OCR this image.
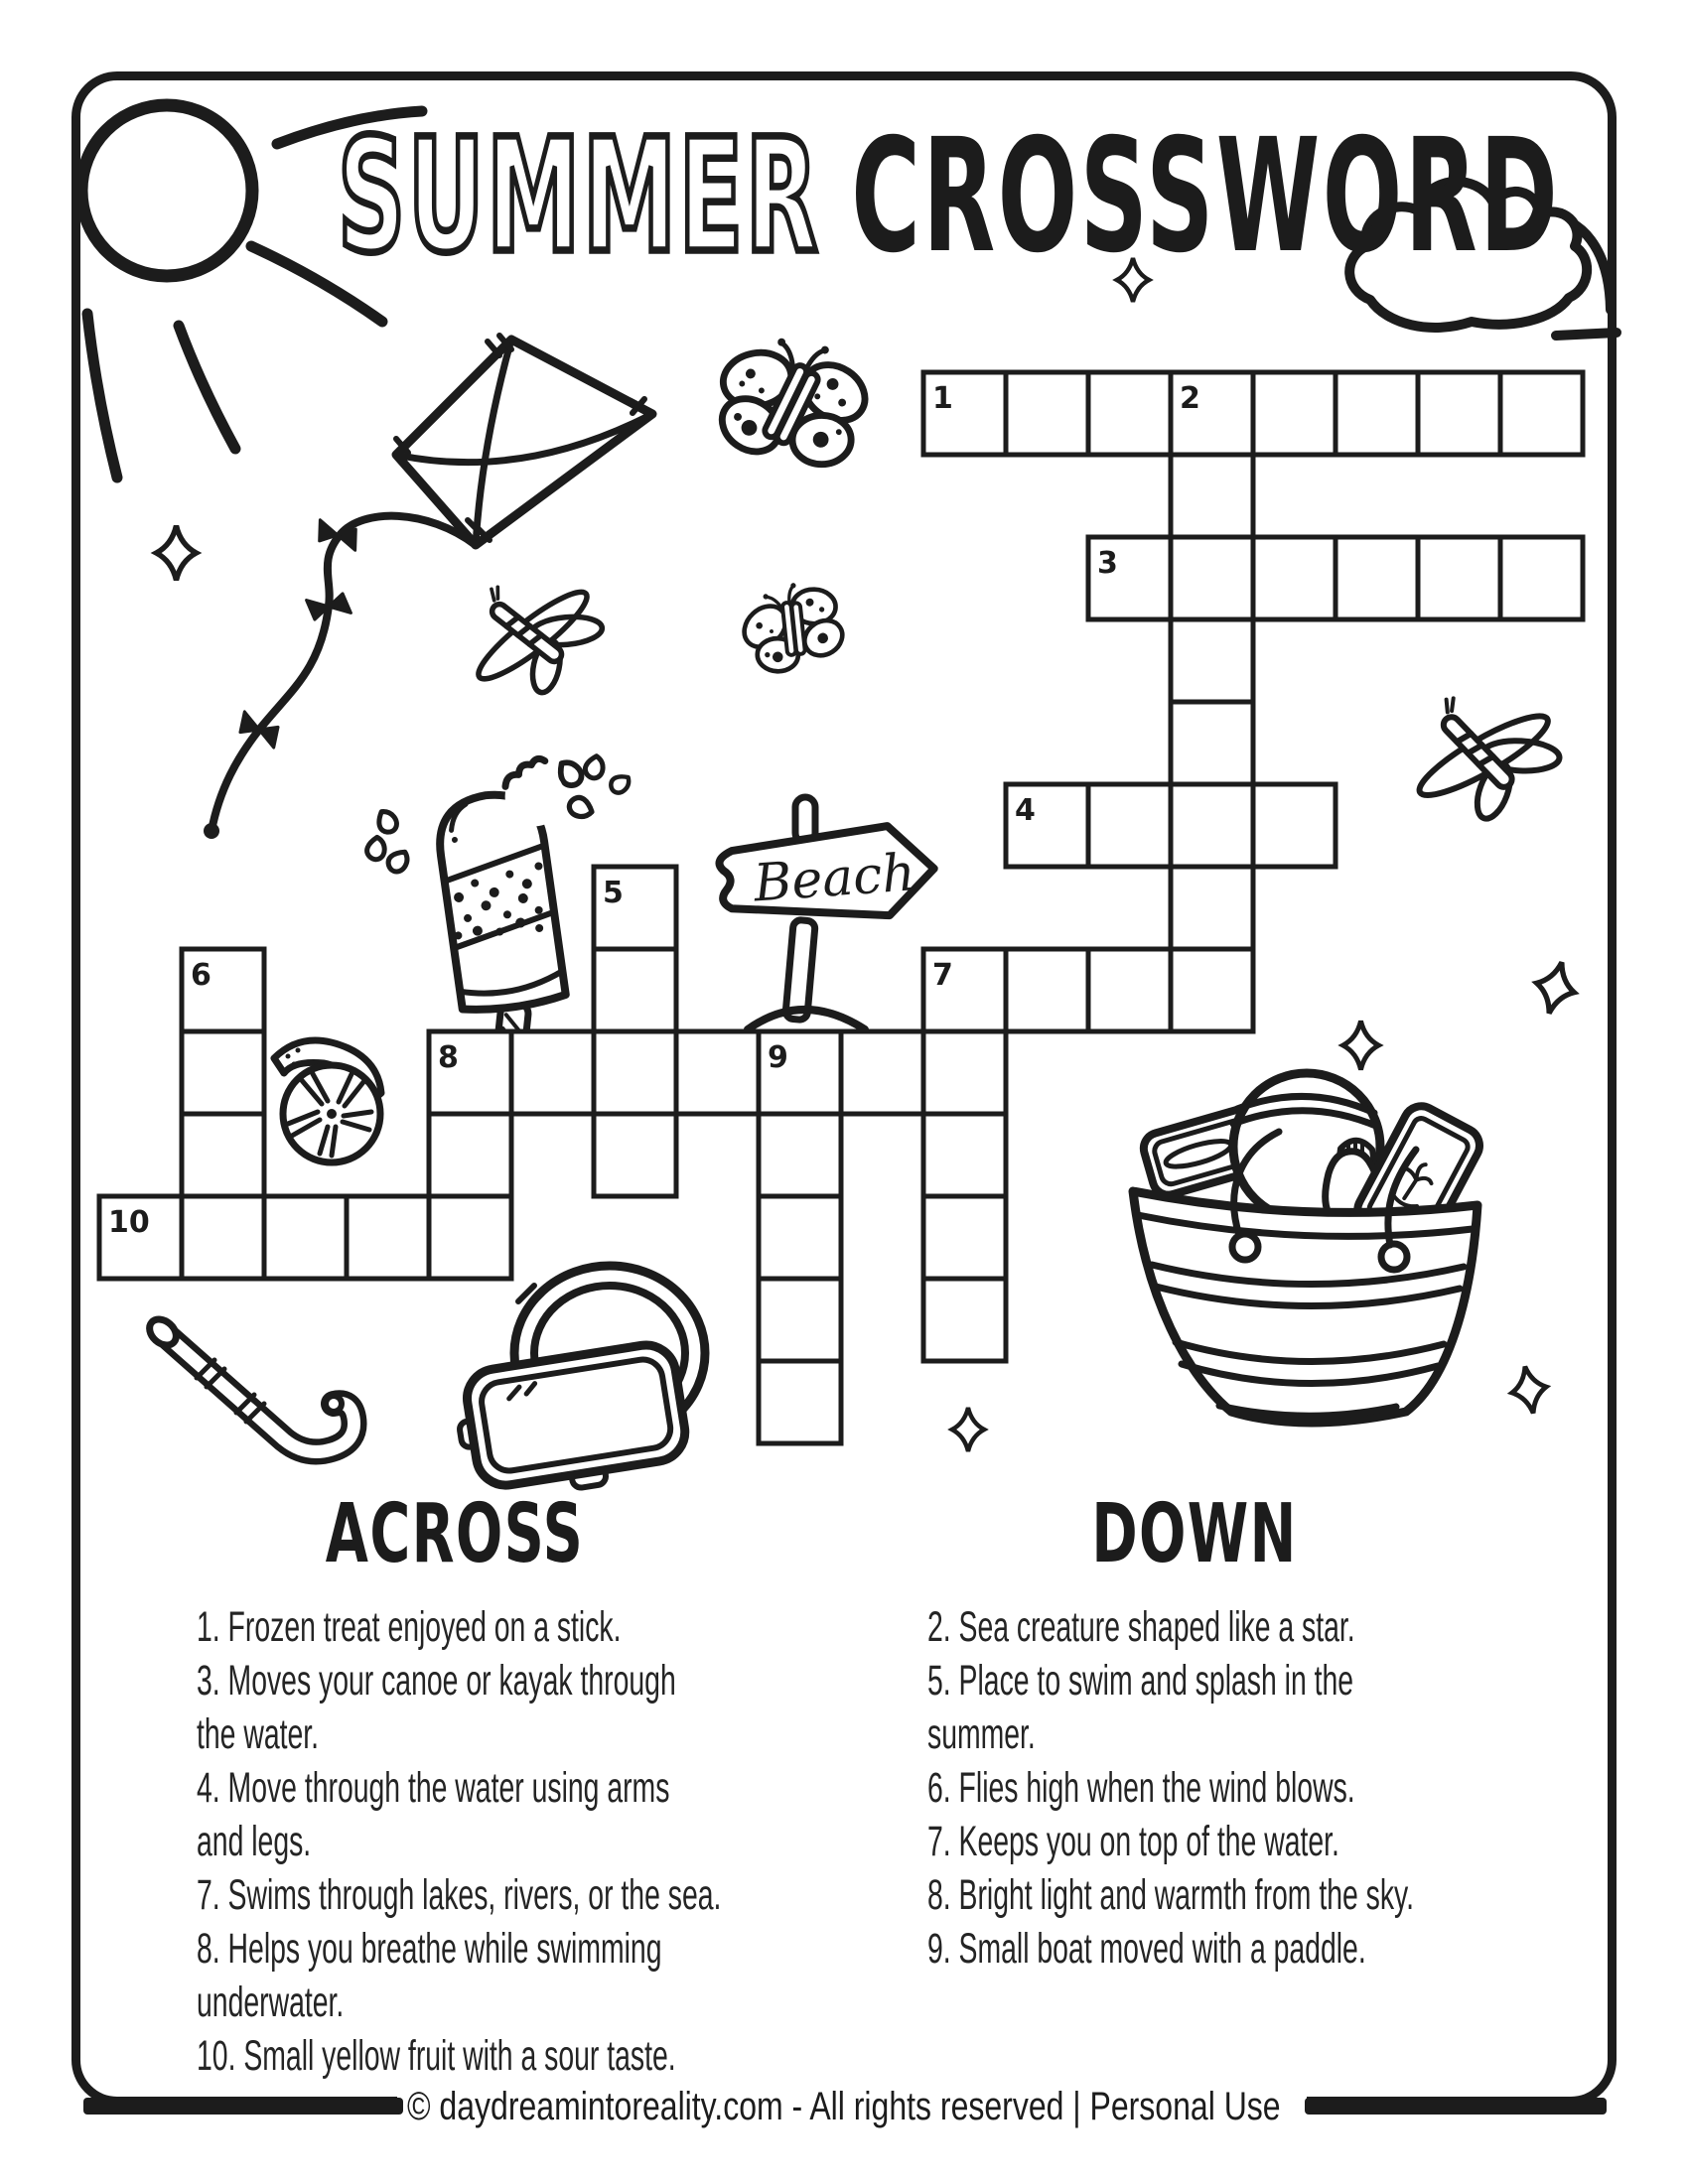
Beach
1	2
3
4
5
6	7
8	9
10
SUMMER CROSSWORD
ACROSS	DOWN
1. Frozen treat enjoyed on a stick.
3. Moves your canoe or kayak through
the water.
4. Move through the water using arms
and legs.
7. Swims through lakes, rivers, or the sea.
8. Helps you breathe while swimming
underwater.
10. Small yellow fruit with a sour taste.
2. Sea creature shaped like a star.
5. Place to swim and splash in the
summer.
6. Flies high when the wind blows.
7. Keeps you on top of the water.
8. Bright light and warmth from the sky.
9. Small boat moved with a paddle.
© daydreamintoreality.com - All rights reserved | Personal Use
